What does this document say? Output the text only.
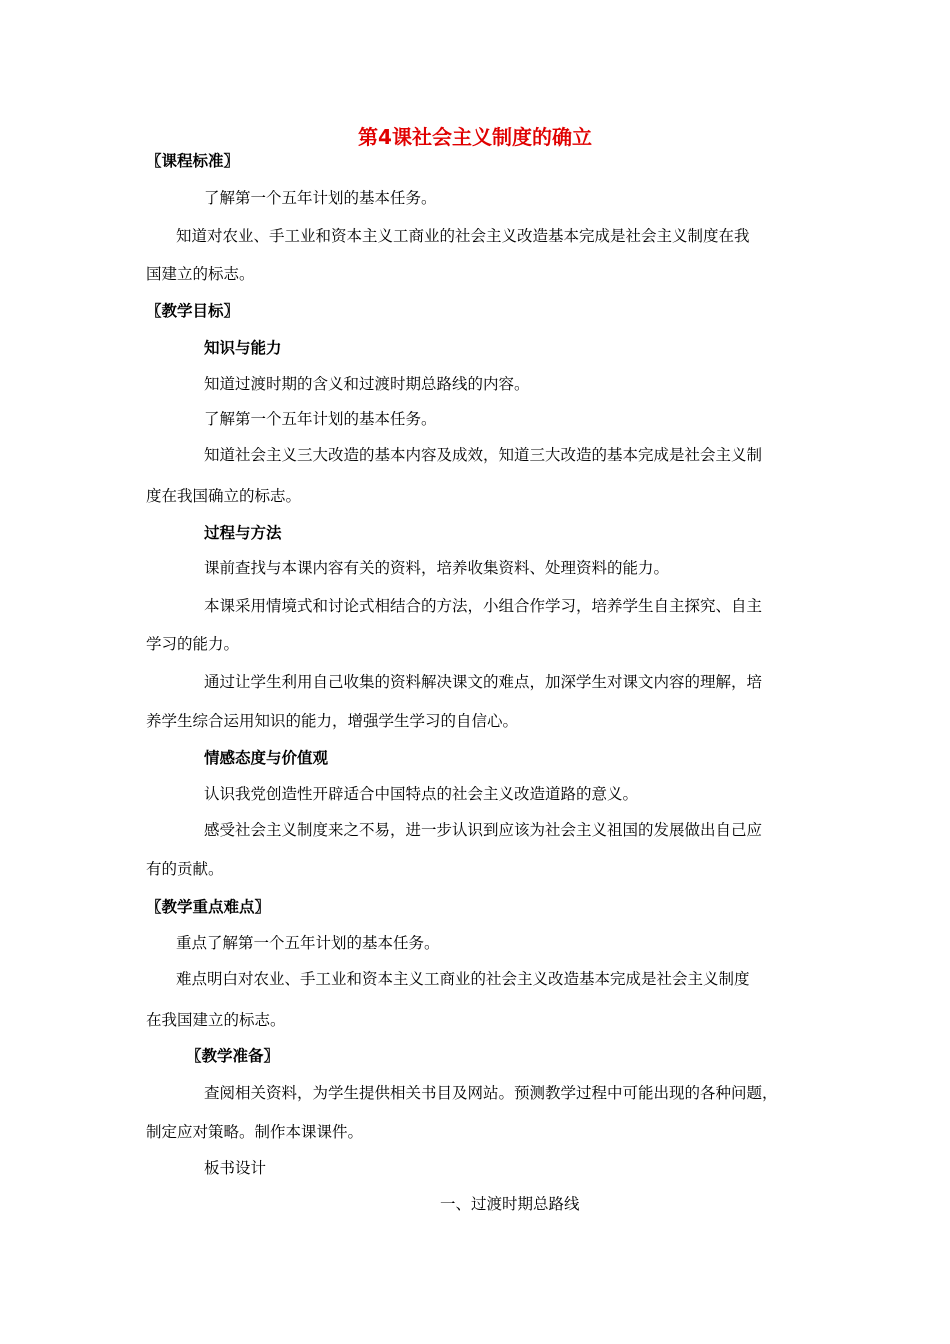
第4课社会主义制度的确立
〖课程标准〗
了解第一个五年计划的基本任务。
知道对农业、手工业和资本主义工商业的社会主义改造基本完成是社会主义制度在我
国建立的标志。
〖教学目标〗
知识与能力
知道过渡时期的含义和过渡时期总路线的内容。
了解第一个五年计划的基本任务。
知道社会主义三大改造的基本内容及成效，知道三大改造的基本完成是社会主义制
度在我国确立的标志。
过程与方法
课前查找与本课内容有关的资料，培养收集资料、处理资料的能力。
本课采用情境式和讨论式相结合的方法，小组合作学习，培养学生自主探究、自主
学习的能力。
通过让学生利用自己收集的资料解决课文的难点，加深学生对课文内容的理解，培
养学生综合运用知识的能力，增强学生学习的自信心。
情感态度与价值观
认识我党创造性开辟适合中国特点的社会主义改造道路的意义。
感受社会主义制度来之不易，进一步认识到应该为社会主义祖国的发展做出自己应
有的贡献。
〖教学重点难点〗
重点了解第一个五年计划的基本任务。
难点明白对农业、手工业和资本主义工商业的社会主义改造基本完成是社会主义制度
在我国建立的标志。
〖教学准备〗
查阅相关资料，为学生提供相关书目及网站。预测教学过程中可能出现的各种问题，
制定应对策略。制作本课课件。
板书设计
一、过渡时期总路线
